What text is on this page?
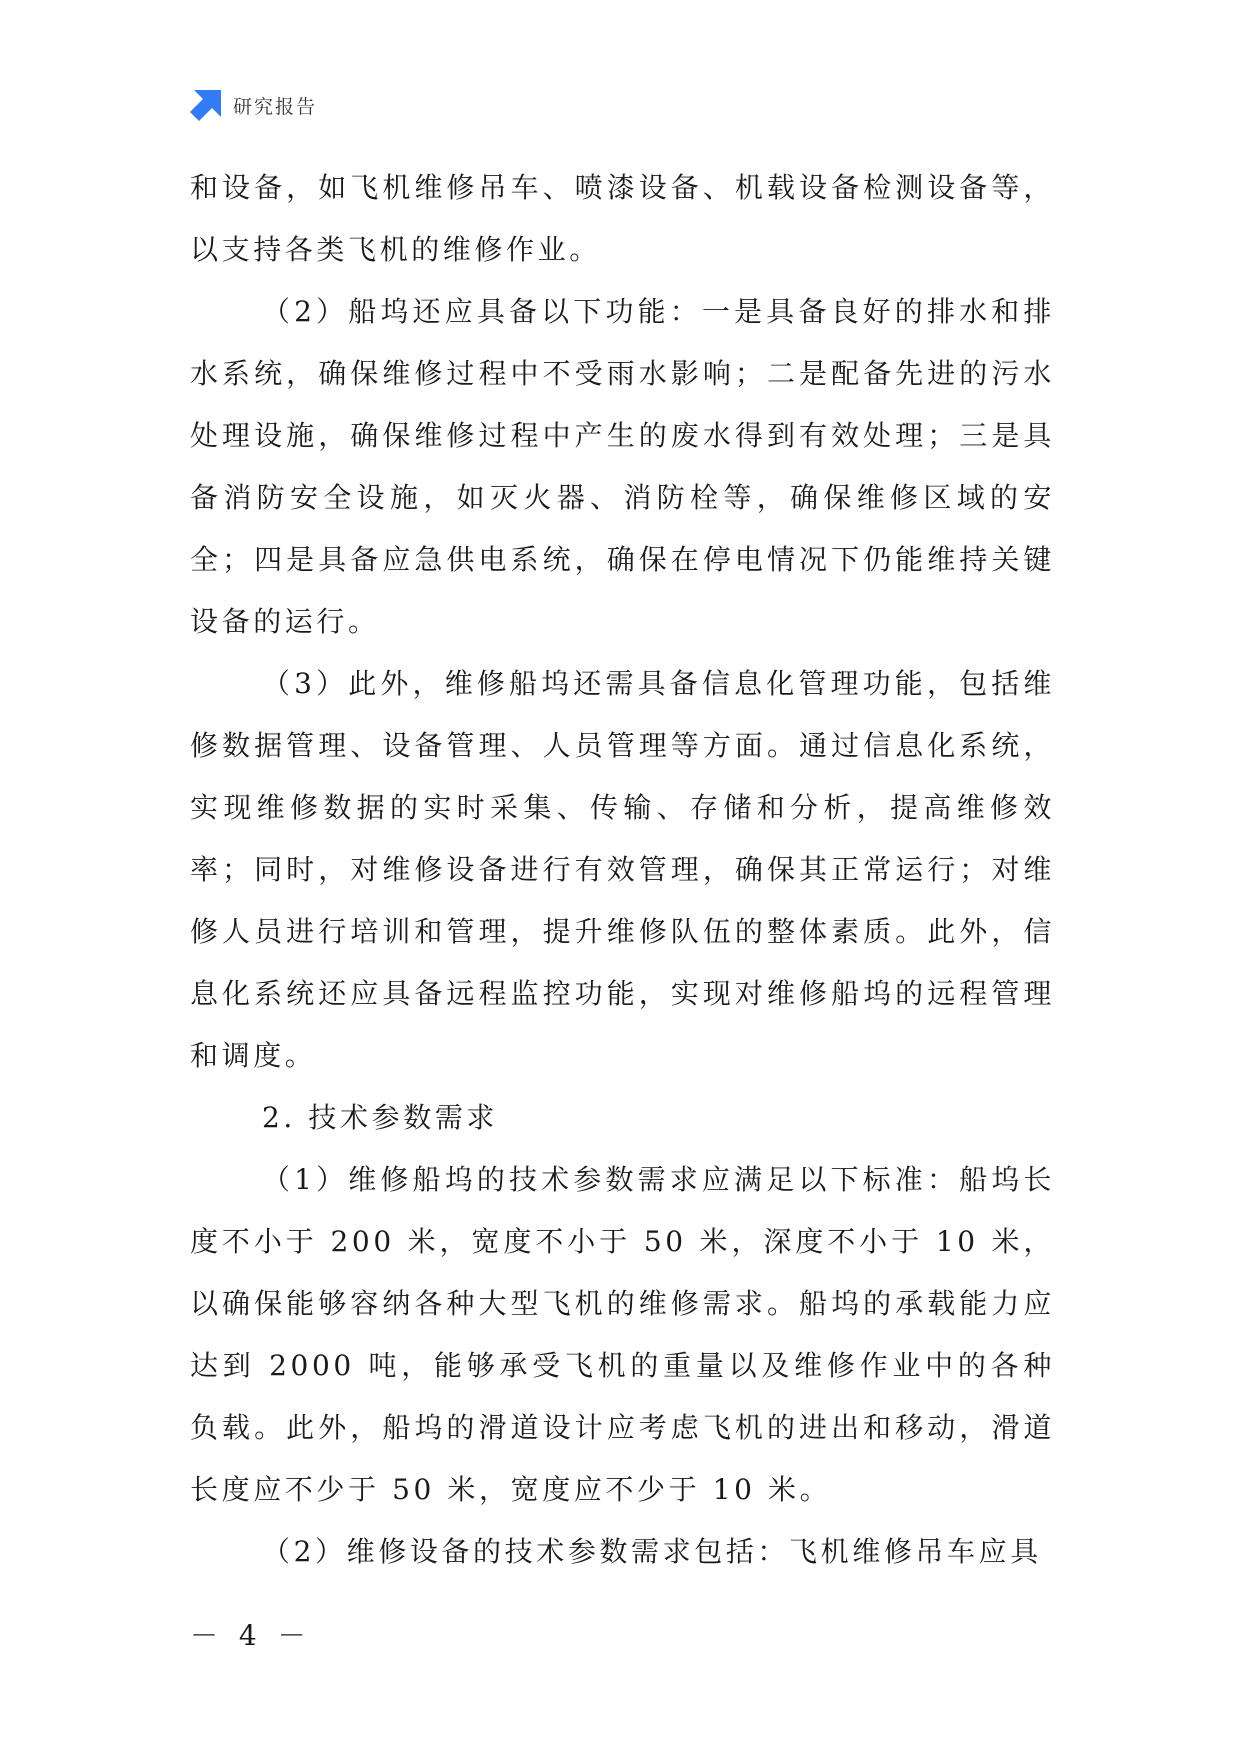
研究报告

和设备，如飞机维修吊车、喷漆设备、机载设备检测设备等，以支持各类飞机的维修作业。

（2）船坞还应具备以下功能：一是具备良好的排水和排水系统，确保维修过程中不受雨水影响；二是配备先进的污水处理设施，确保维修过程中产生的废水得到有效处理；三是具备消防安全设施，如灭火器、消防栓等，确保维修区域的安全；四是具备应急供电系统，确保在停电情况下仍能维持关键设备的运行。

（3）此外，维修船坞还需具备信息化管理功能，包括维修数据管理、设备管理、人员管理等方面。通过信息化系统，实现维修数据的实时采集、传输、存储和分析，提高维修效率；同时，对维修设备进行有效管理，确保其正常运行；对维修人员进行培训和管理，提升维修队伍的整体素质。此外，信息化系统还应具备远程监控功能，实现对维修船坞的远程管理和调度。

2. 技术参数需求

（1）维修船坞的技术参数需求应满足以下标准：船坞长度不小于 200 米，宽度不小于 50 米，深度不小于 10 米，以确保能够容纳各种大型飞机的维修需求。船坞的承载能力应达到 2000 吨，能够承受飞机的重量以及维修作业中的各种负载。此外，船坞的滑道设计应考虑飞机的进出和移动，滑道长度应不少于 50 米，宽度应不少于 10 米。

（2）维修设备的技术参数需求包括：飞机维修吊车应具

－ 4 －
